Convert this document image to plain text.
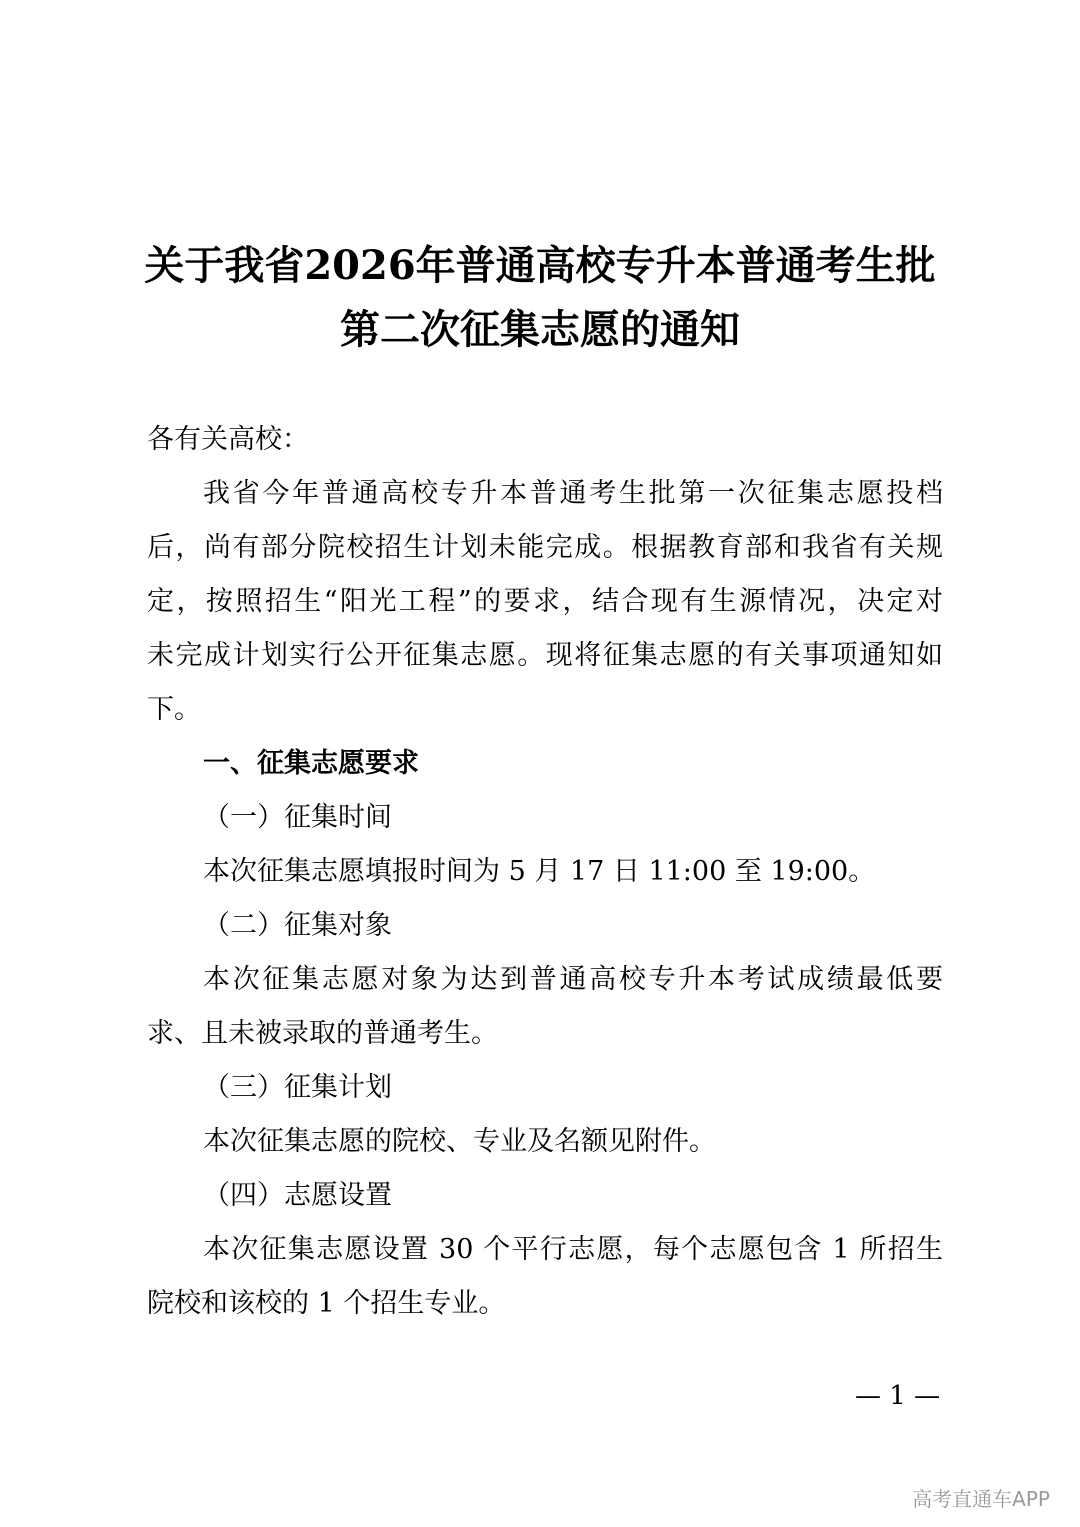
关于我省2026年普通高校专升本普通考生批
第二次征集志愿的通知

各有关高校：

我省今年普通高校专升本普通考生批第一次征集志愿投档

后，尚有部分院校招生计划未能完成。根据教育部和我省有关规

定，按照招生“阳光工程”的要求，结合现有生源情况，决定对

未完成计划实行公开征集志愿。现将征集志愿的有关事项通知如

下。

一、征集志愿要求

（一）征集时间

本次征集志愿填报时间为 5 月 17 日 11:00 至 19:00。

（二）征集对象

本次征集志愿对象为达到普通高校专升本考试成绩最低要

求、且未被录取的普通考生。

（三）征集计划

本次征集志愿的院校、专业及名额见附件。

（四）志愿设置

本次征集志愿设置 30 个平行志愿，每个志愿包含 1 所招生

院校和该校的 1 个招生专业。

— 1 —

高考直通车APP
